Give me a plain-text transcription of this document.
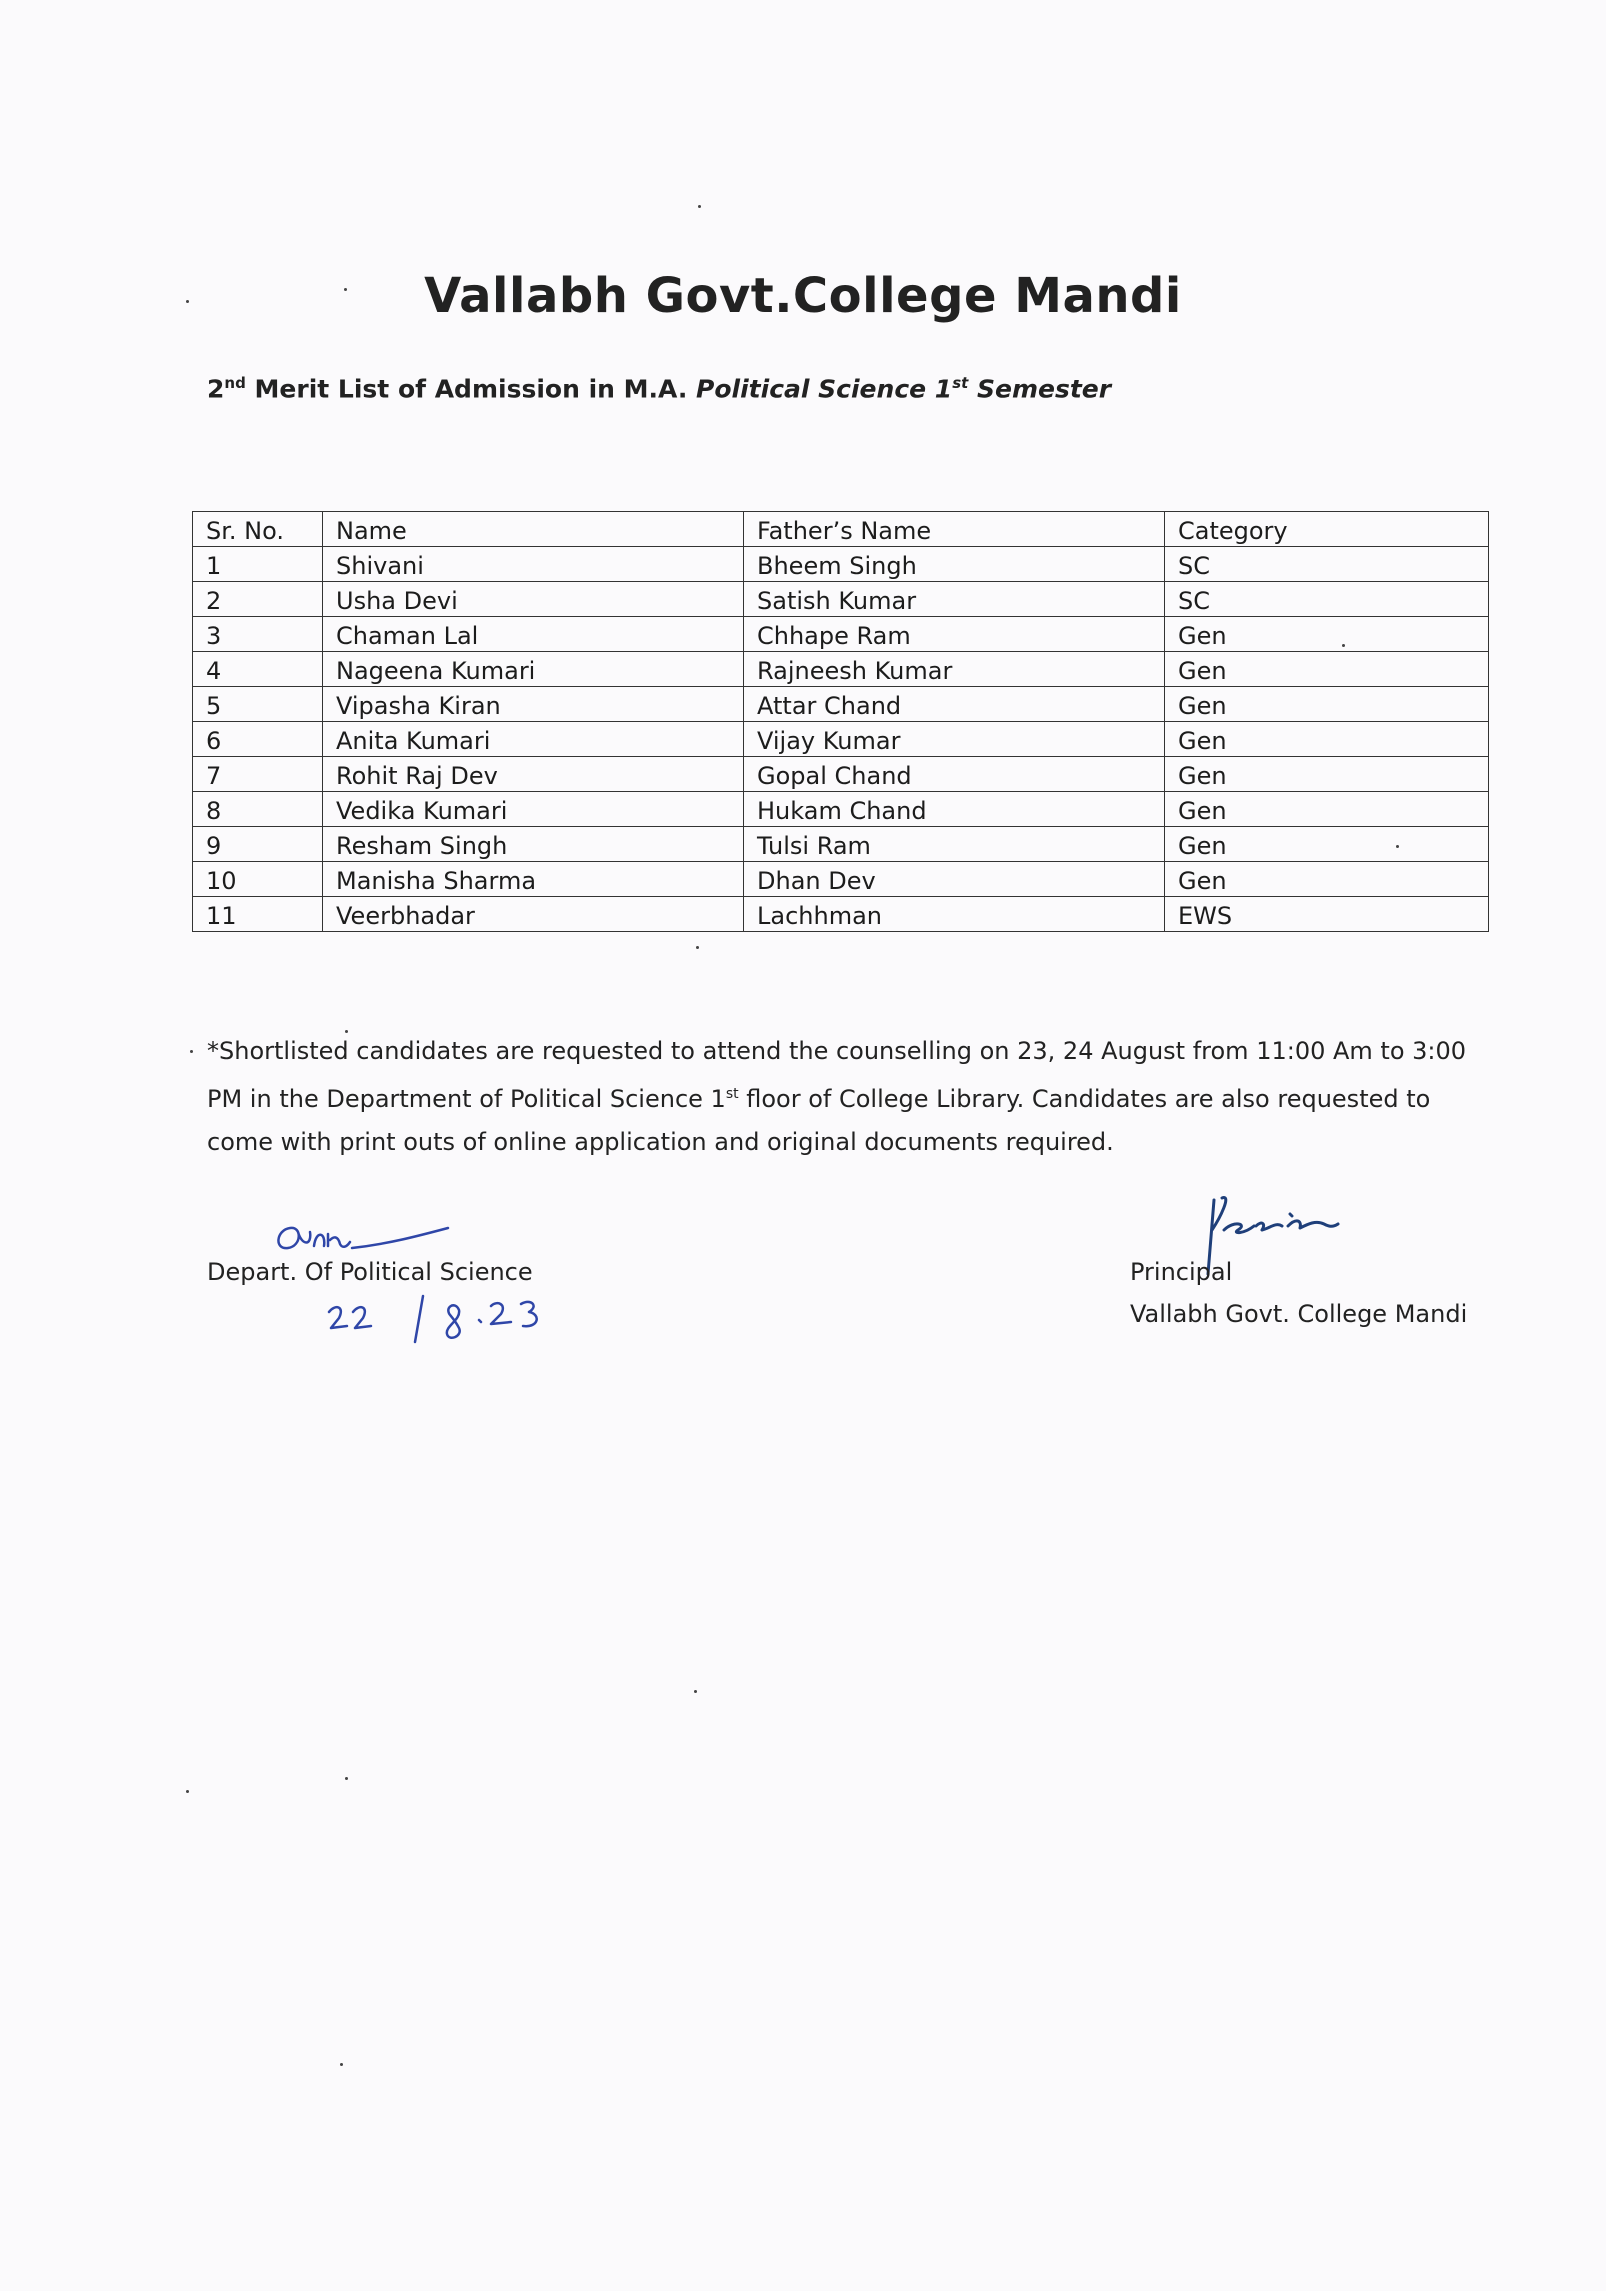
Vallabh Govt.College Mandi
2nd Merit List of Admission in M.A. Political Science 1st Semester
Sr. No.	Name	Father’s Name	Category
1	Shivani	Bheem Singh	SC
2	Usha Devi	Satish Kumar	SC
3	Chaman Lal	Chhape Ram	Gen
4	Nageena Kumari	Rajneesh Kumar	Gen
5	Vipasha Kiran	Attar Chand	Gen
6	Anita Kumari	Vijay Kumar	Gen
7	Rohit Raj Dev	Gopal Chand	Gen
8	Vedika Kumari	Hukam Chand	Gen
9	Resham Singh	Tulsi Ram	Gen
10	Manisha Sharma	Dhan Dev	Gen
11	Veerbhadar	Lachhman	EWS
*Shortlisted candidates are requested to attend the counselling on 23, 24 August from 11:00 Am to 3:00 PM in the Department of Political Science 1st floor of College Library. Candidates are also requested to come with print outs of online application and original documents required.
Depart. Of Political Science	Principal
Vallabh Govt. College Mandi
